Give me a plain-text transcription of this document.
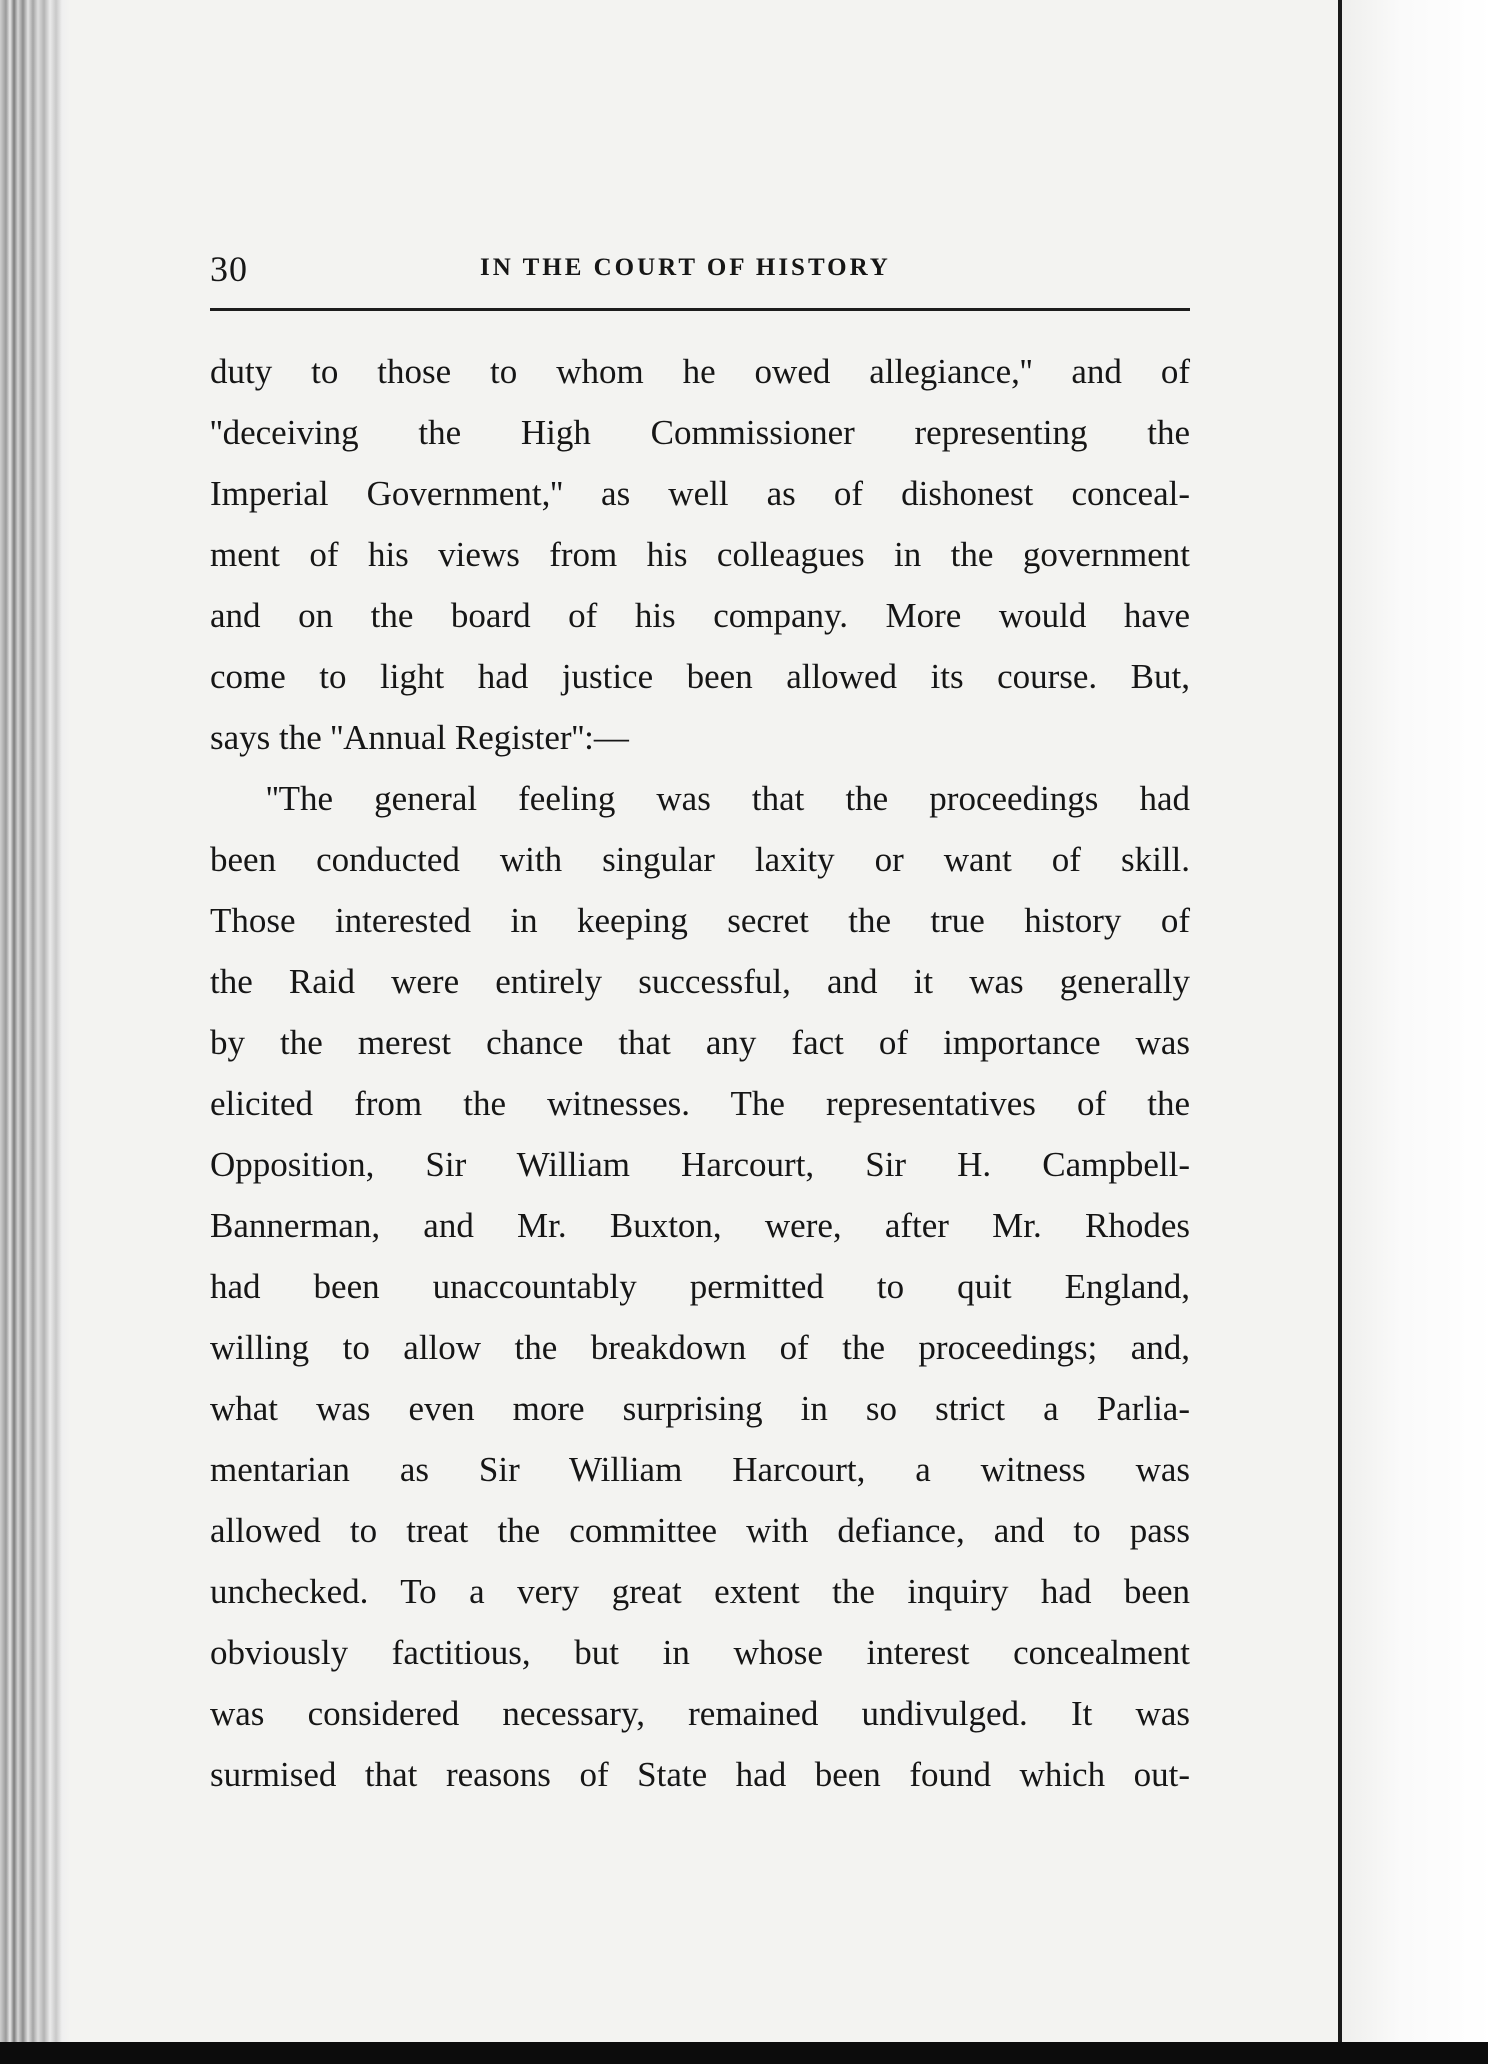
30	IN THE COURT OF HISTORY
duty to those to whom he owed allegiance,'' and of
''deceiving the High Commissioner representing the
Imperial Government,'' as well as of dishonest conceal-
ment of his views from his colleagues in the government
and on the board of his company. More would have
come to light had justice been allowed its course. But,
says the ''Annual Register'':—
''The general feeling was that the proceedings had
been conducted with singular laxity or want of skill.
Those interested in keeping secret the true history of
the Raid were entirely successful, and it was generally
by the merest chance that any fact of importance was
elicited from the witnesses. The representatives of the
Opposition, Sir William Harcourt, Sir H. Campbell-
Bannerman, and Mr. Buxton, were, after Mr. Rhodes
had been unaccountably permitted to quit England,
willing to allow the breakdown of the proceedings; and,
what was even more surprising in so strict a Parlia-
mentarian as Sir William Harcourt, a witness was
allowed to treat the committee with defiance, and to pass
unchecked. To a very great extent the inquiry had been
obviously factitious, but in whose interest concealment
was considered necessary, remained undivulged. It was
surmised that reasons of State had been found which out-
